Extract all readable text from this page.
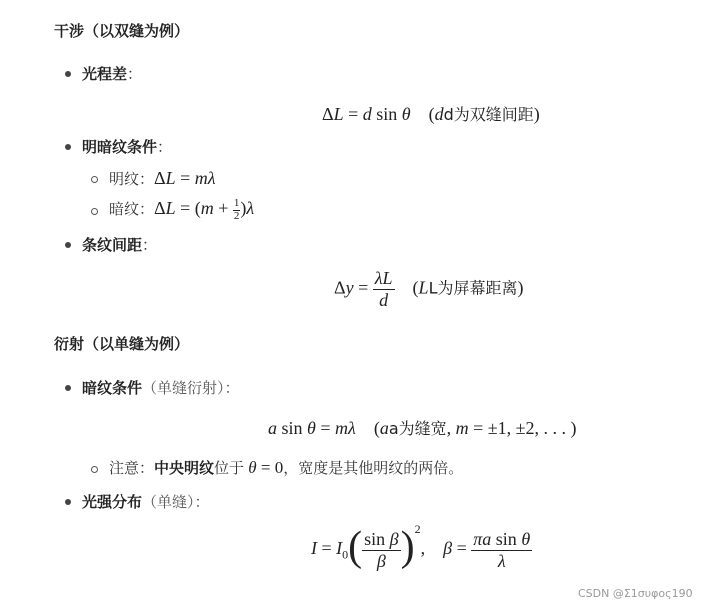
干涉（以双缝为例）
光程差：
ΔL = d sin θ    (dd为双缝间距)
明暗纹条件：
明纹：ΔL = mλ
暗纹：$\Delta L = (m + \frac{1}{2} )\lambda$
条纹间距：
$\Delta y = \frac{\lambda L}{d} (LL$为屏幕距离)
衍射（以单缝为例）
暗纹条件（单缝衍射）：
a sin θ = mλ    (aa为缝宽, m = ±1, ±2, . . . )
注意：中央明纹位于 θ = 0，宽度是其他明纹的两倍。
光强分布（单缝）：
$I = I_0( \frac{\text{sin β}}{\beta} )^2$,    $\beta = \frac{\text{πa sin θ}}{\lambda}$
CSDN @Σ1συφος190
